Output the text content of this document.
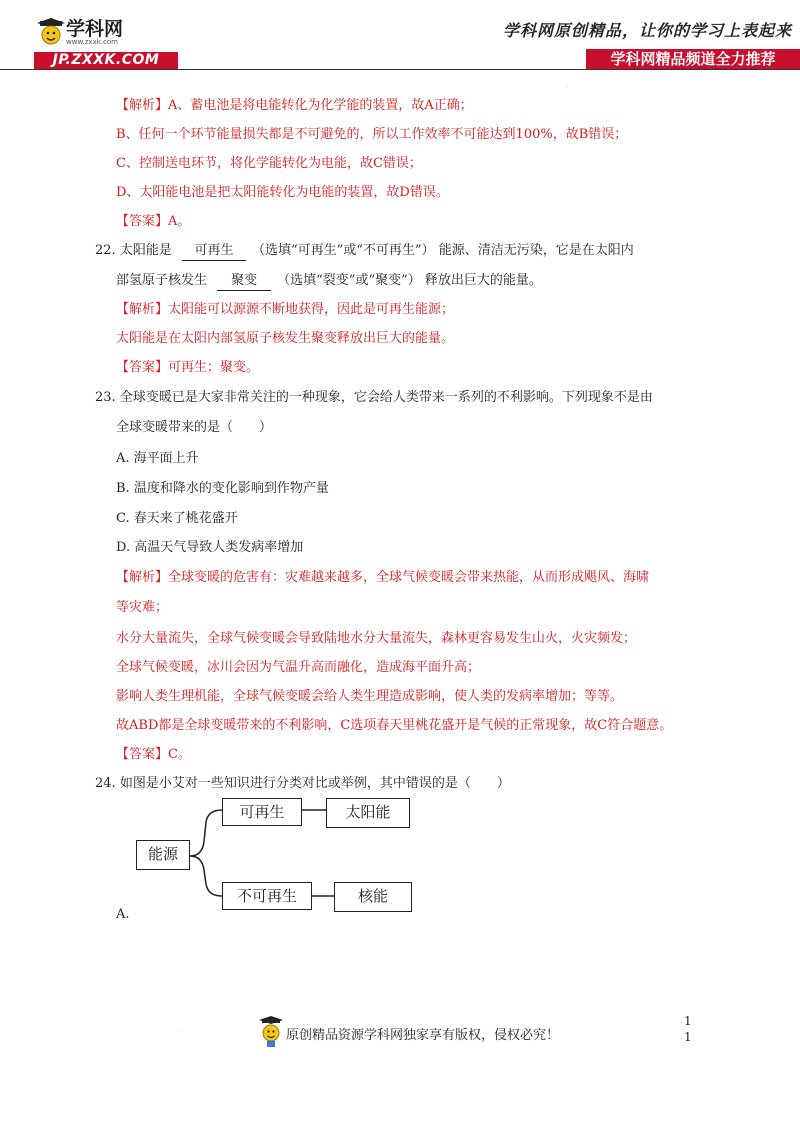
学科网
www.zxxk.com
JP.ZXXK.COM
学科网原创精品，让你的学习上表起来
学科网精品频道全力推荐
·
【解析】A、蓄电池是将电能转化为化学能的装置，故A正确；
B、任何一个环节能量损失都是不可避免的，所以工作效率不可能达到100%，故B错误；
C、控制送电环节，将化学能转化为电能，故C错误；
D、太阳能电池是把太阳能转化为电能的装置，故D错误。
【答案】A。
22. 太阳能是 可再生 （选填“可再生”或“不可再生”） 能源、清洁无污染，它是在太阳内
部氢原子核发生 聚变 （选填“裂变”或“聚变”） 释放出巨大的能量。
【解析】太阳能可以源源不断地获得，因此是可再生能源；
太阳能是在太阳内部氢原子核发生聚变释放出巨大的能量。
【答案】可再生；聚变。
23. 全球变暖已是大家非常关注的一种现象，它会给人类带来一系列的不利影响。下列现象不是由
全球变暖带来的是（　　）
A. 海平面上升
B. 温度和降水的变化影响到作物产量
C. 春天来了桃花盛开
D. 高温天气导致人类发病率增加
【解析】全球变暖的危害有：灾难越来越多，全球气候变暖会带来热能，从而形成飓风、海啸
等灾难；
水分大量流失，全球气候变暖会导致陆地水分大量流失，森林更容易发生山火，火灾频发；
全球气候变暖，冰川会因为气温升高而融化，造成海平面升高；
影响人类生理机能，全球气候变暖会给人类生理造成影响，使人类的发病率增加；等等。
故ABD都是全球变暖带来的不利影响，C选项春天里桃花盛开是气候的正常现象，故C符合题意。
【答案】C。
24. 如图是小艾对一些知识进行分类对比或举例，其中错误的是（　　）
能源
可再生	太阳能
不可再生	核能
A.
·	原创精品资源学科网独家享有版权，侵权必究！
1
1
